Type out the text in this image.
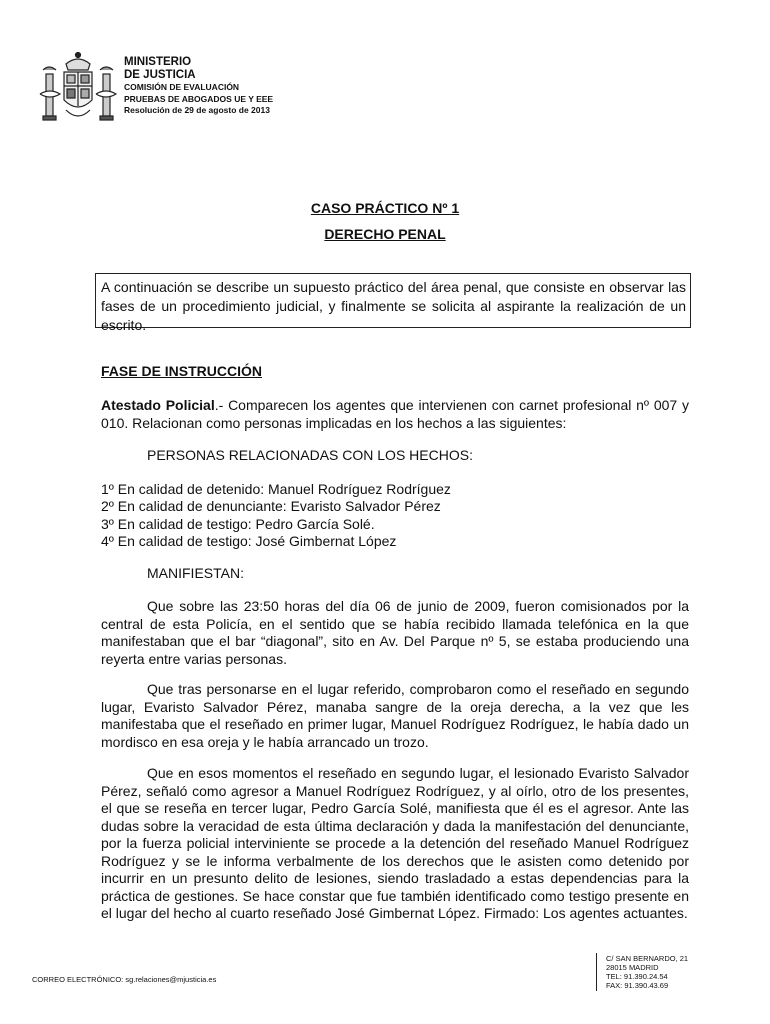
MINISTERIO
DE JUSTICIA
COMISIÓN DE EVALUACIÓN
PRUEBAS DE ABOGADOS UE Y EEE
Resolución de 29 de agosto de 2013
CASO PRÁCTICO Nº 1
DERECHO PENAL
A continuación se describe un supuesto práctico del área penal, que consiste en observar las fases de un procedimiento judicial, y finalmente se solicita al aspirante la realización de un escrito.
FASE DE INSTRUCCIÓN
Atestado Policial.- Comparecen los agentes que intervienen con carnet profesional nº 007 y 010. Relacionan como personas implicadas en los hechos a las siguientes:
PERSONAS RELACIONADAS CON LOS HECHOS:
1º En calidad de detenido: Manuel Rodríguez Rodríguez
2º En calidad de denunciante: Evaristo Salvador Pérez
3º En calidad de testigo: Pedro García Solé.
4º En calidad de testigo: José Gimbernat López
MANIFIESTAN:

Que sobre las 23:50 horas del día 06 de junio de 2009, fueron comisionados por la central de esta Policía, en el sentido que se había recibido llamada telefónica en la que manifestaban que el bar “diagonal”, sito en Av. Del Parque nº 5, se estaba produciendo una reyerta entre varias personas.

Que tras personarse en el lugar referido, comprobaron como el reseñado en segundo lugar, Evaristo Salvador Pérez, manaba sangre de la oreja derecha, a la vez que les manifestaba que el reseñado en primer lugar, Manuel Rodríguez Rodríguez, le había dado un mordisco en esa oreja y le había arrancado un trozo.

Que en esos momentos el reseñado en segundo lugar, el lesionado Evaristo Salvador Pérez, señaló como agresor a Manuel Rodríguez Rodríguez, y al oírlo, otro de los presentes, el que se reseña en tercer lugar, Pedro García Solé, manifiesta que él es el agresor. Ante las dudas sobre la veracidad de esta última declaración y dada la manifestación del denunciante, por la fuerza policial interviniente se procede a la detención del reseñado Manuel Rodríguez Rodríguez y se le informa verbalmente de los derechos que le asisten como detenido por incurrir en un presunto delito de lesiones, siendo trasladado a estas dependencias para la práctica de gestiones. Se hace constar que fue también identificado como testigo presente en el lugar del hecho al cuarto reseñado José Gimbernat López. Firmado: Los agentes actuantes.

CORREO ELECTRÓNICO: sg.relaciones@mjusticia.es
C/ SAN BERNARDO, 21
28015 MADRID
TEL: 91.390.24.54
FAX: 91.390.43.69
